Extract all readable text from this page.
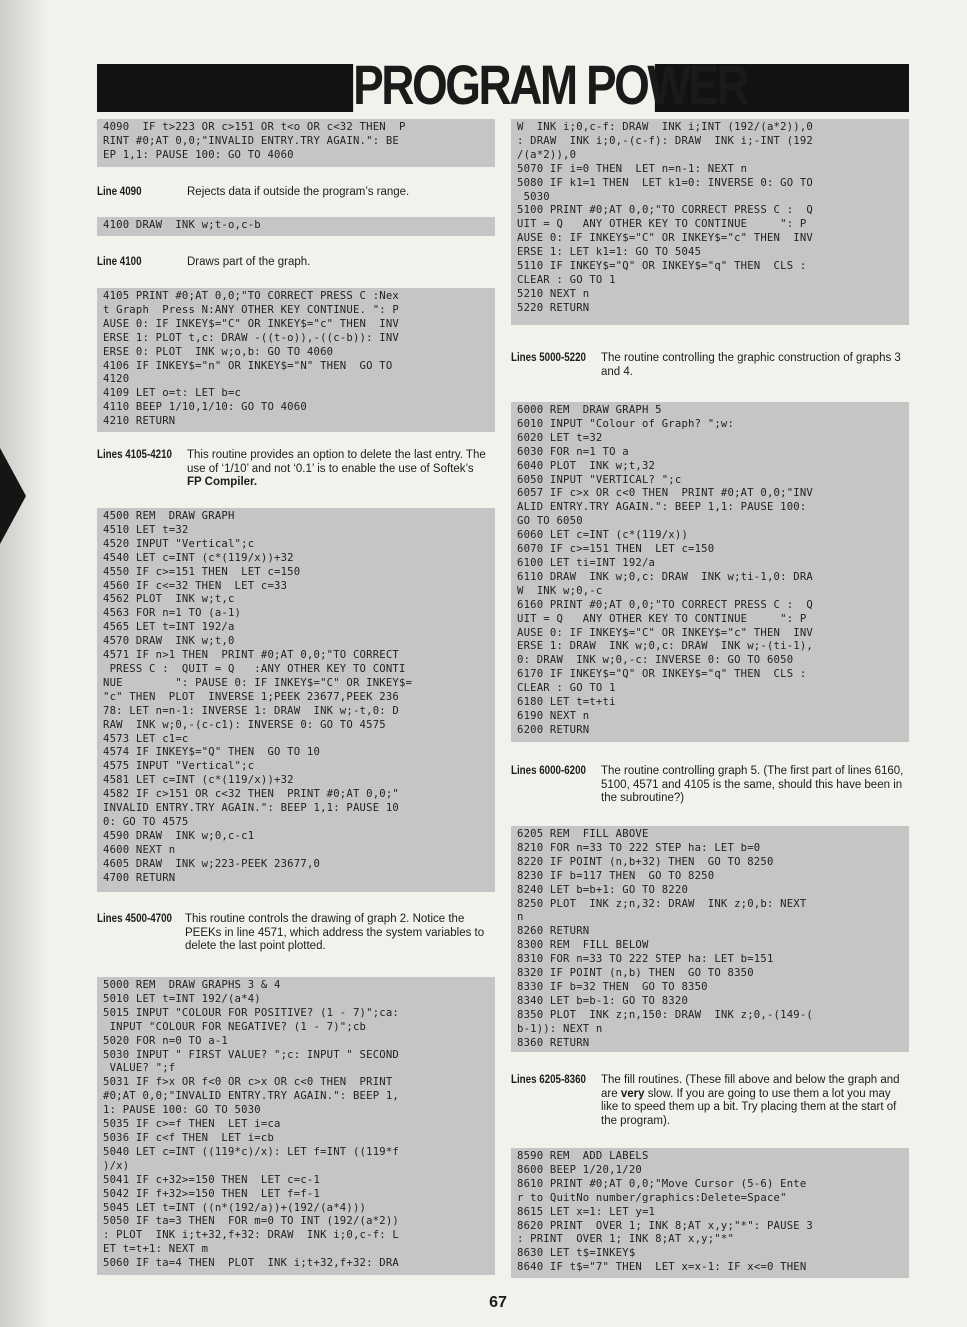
PROGRAM POWER
4090  IF t>223 OR c>151 OR t<o OR c<32 THEN  P
RINT #0;AT 0,0;"INVALID ENTRY.TRY AGAIN.": BE
EP 1,1: PAUSE 100: GO TO 4060
Line 4090	Rejects data if outside the program’s range.
4100 DRAW  INK w;t-o,c-b
Line 4100	Draws part of the graph.
4105 PRINT #0;AT 0,0;"TO CORRECT PRESS C :Nex
t Graph  Press N:ANY OTHER KEY CONTINUE. ": P
AUSE 0: IF INKEY$="C" OR INKEY$="c" THEN  INV
ERSE 1: PLOT t,c: DRAW -((t-o)),-((c-b)): INV
ERSE 0: PLOT  INK w;o,b: GO TO 4060
4106 IF INKEY$="n" OR INKEY$="N" THEN  GO TO
4120
4109 LET o=t: LET b=c
4110 BEEP 1/10,1/10: GO TO 4060
4210 RETURN
Lines 4105-4210 This routine provides an option to delete the last entry. The use of ‘1/10’ and not ‘0.1’ is to enable the use of Softek’s FP Compiler.
4500 REM  DRAW GRAPH
4510 LET t=32
4520 INPUT "Vertical";c
4540 LET c=INT (c*(119/x))+32
4550 IF c>=151 THEN  LET c=150
4560 IF c<=32 THEN  LET c=33
4562 PLOT  INK w;t,c
4563 FOR n=1 TO (a-1)
4565 LET t=INT 192/a
4570 DRAW  INK w;t,0
4571 IF n>1 THEN  PRINT #0;AT 0,0;"TO CORRECT
PRESS C :  QUIT = Q   :ANY OTHER KEY TO CONTI
NUE        ": PAUSE 0: IF INKEY$="C" OR INKEY$=
"c" THEN  PLOT  INVERSE 1;PEEK 23677,PEEK 236
78: LET n=n-1: INVERSE 1: DRAW  INK w;-t,0: D
RAW  INK w;0,-(c-c1): INVERSE 0: GO TO 4575
4573 LET c1=c
4574 IF INKEY$="Q" THEN  GO TO 10
4575 INPUT "Vertical";c
4581 LET c=INT (c*(119/x))+32
4582 IF c>151 OR c<32 THEN  PRINT #0;AT 0,0;"
INVALID ENTRY.TRY AGAIN.": BEEP 1,1: PAUSE 10
0: GO TO 4575
4590 DRAW  INK w;0,c-c1
4600 NEXT n
4605 DRAW  INK w;223-PEEK 23677,0
4700 RETURN
Lines 4500-4700 This routine controls the drawing of graph 2. Notice the PEEKs in line 4571, which address the system variables to delete the last point plotted.
5000 REM  DRAW GRAPHS 3 & 4
5010 LET t=INT 192/(a*4)
5015 INPUT "COLOUR FOR POSITIVE? (1 - 7)";ca:
INPUT "COLOUR FOR NEGATIVE? (1 - 7)";cb
5020 FOR n=0 TO a-1
5030 INPUT " FIRST VALUE? ";c: INPUT " SECOND
VALUE? ";f
5031 IF f>x OR f<0 OR c>x OR c<0 THEN  PRINT
#0;AT 0,0;"INVALID ENTRY.TRY AGAIN.": BEEP 1,
1: PAUSE 100: GO TO 5030
5035 IF c>=f THEN  LET i=ca
5036 IF c<f THEN  LET i=cb
5040 LET c=INT ((119*c)/x): LET f=INT ((119*f
)/x)
5041 IF c+32>=150 THEN  LET c=c-1
5042 IF f+32>=150 THEN  LET f=f-1
5045 LET t=INT ((n*(192/a))+(192/(a*4)))
5050 IF ta=3 THEN  FOR m=0 TO INT (192/(a*2))
: PLOT  INK i;t+32,f+32: DRAW  INK i;0,c-f: L
ET t=t+1: NEXT m
5060 IF ta=4 THEN  PLOT  INK i;t+32,f+32: DRA
W  INK i;0,c-f: DRAW  INK i;INT (192/(a*2)),0
: DRAW  INK i;0,-(c-f): DRAW  INK i;-INT (192
/(a*2)),0
5070 IF i=0 THEN  LET n=n-1: NEXT n
5080 IF k1=1 THEN  LET k1=0: INVERSE 0: GO TO
5030
5100 PRINT #0;AT 0,0;"TO CORRECT PRESS C :  Q
UIT = Q   ANY OTHER KEY TO CONTINUE     ": P
AUSE 0: IF INKEY$="C" OR INKEY$="c" THEN  INV
ERSE 1: LET k1=1: GO TO 5045
5110 IF INKEY$="Q" OR INKEY$="q" THEN  CLS :
CLEAR : GO TO 1
5210 NEXT n
5220 RETURN
Lines 5000-5220 The routine controlling the graphic construction of graphs 3 and 4.
6000 REM  DRAW GRAPH 5
6010 INPUT "Colour of Graph? ";w:
6020 LET t=32
6030 FOR n=1 TO a
6040 PLOT  INK w;t,32
6050 INPUT "VERTICAL? ";c
6057 IF c>x OR c<0 THEN  PRINT #0;AT 0,0;"INV
ALID ENTRY.TRY AGAIN.": BEEP 1,1: PAUSE 100:
GO TO 6050
6060 LET c=INT (c*(119/x))
6070 IF c>=151 THEN  LET c=150
6100 LET ti=INT 192/a
6110 DRAW  INK w;0,c: DRAW  INK w;ti-1,0: DRA
W  INK w;0,-c
6160 PRINT #0;AT 0,0;"TO CORRECT PRESS C :  Q
UIT = Q   ANY OTHER KEY TO CONTINUE     ": P
AUSE 0: IF INKEY$="C" OR INKEY$="c" THEN  INV
ERSE 1: DRAW  INK w;0,c: DRAW  INK w;-(ti-1),
0: DRAW  INK w;0,-c: INVERSE 0: GO TO 6050
6170 IF INKEY$="Q" OR INKEY$="q" THEN  CLS :
CLEAR : GO TO 1
6180 LET t=t+ti
6190 NEXT n
6200 RETURN
Lines 6000-6200 The routine controlling graph 5. (The first part of lines 6160, 5100, 4571 and 4105 is the same, should this have been in the subroutine?)
6205 REM  FILL ABOVE
8210 FOR n=33 TO 222 STEP ha: LET b=0
8220 IF POINT (n,b+32) THEN  GO TO 8250
8230 IF b=117 THEN  GO TO 8250
8240 LET b=b+1: GO TO 8220
8250 PLOT  INK z;n,32: DRAW  INK z;0,b: NEXT
n
8260 RETURN
8300 REM  FILL BELOW
8310 FOR n=33 TO 222 STEP ha: LET b=151
8320 IF POINT (n,b) THEN  GO TO 8350
8330 IF b=32 THEN  GO TO 8350
8340 LET b=b-1: GO TO 8320
8350 PLOT  INK z;n,150: DRAW  INK z;0,-(149-(
b-1)): NEXT n
8360 RETURN
Lines 6205-8360 The fill routines. (These fill above and below the graph and are very slow. If you are going to use them a lot you may like to speed them up a bit. Try placing them at the start of the program).
8590 REM  ADD LABELS
8600 BEEP 1/20,1/20
8610 PRINT #0;AT 0,0;"Move Cursor (5-6) Ente
r to QuitNo number/graphics:Delete=Space"
8615 LET x=1: LET y=1
8620 PRINT  OVER 1; INK 8;AT x,y;"*": PAUSE 3
: PRINT  OVER 1; INK 8;AT x,y;"*"
8630 LET t$=INKEY$
8640 IF t$="7" THEN  LET x=x-1: IF x<=0 THEN
67
